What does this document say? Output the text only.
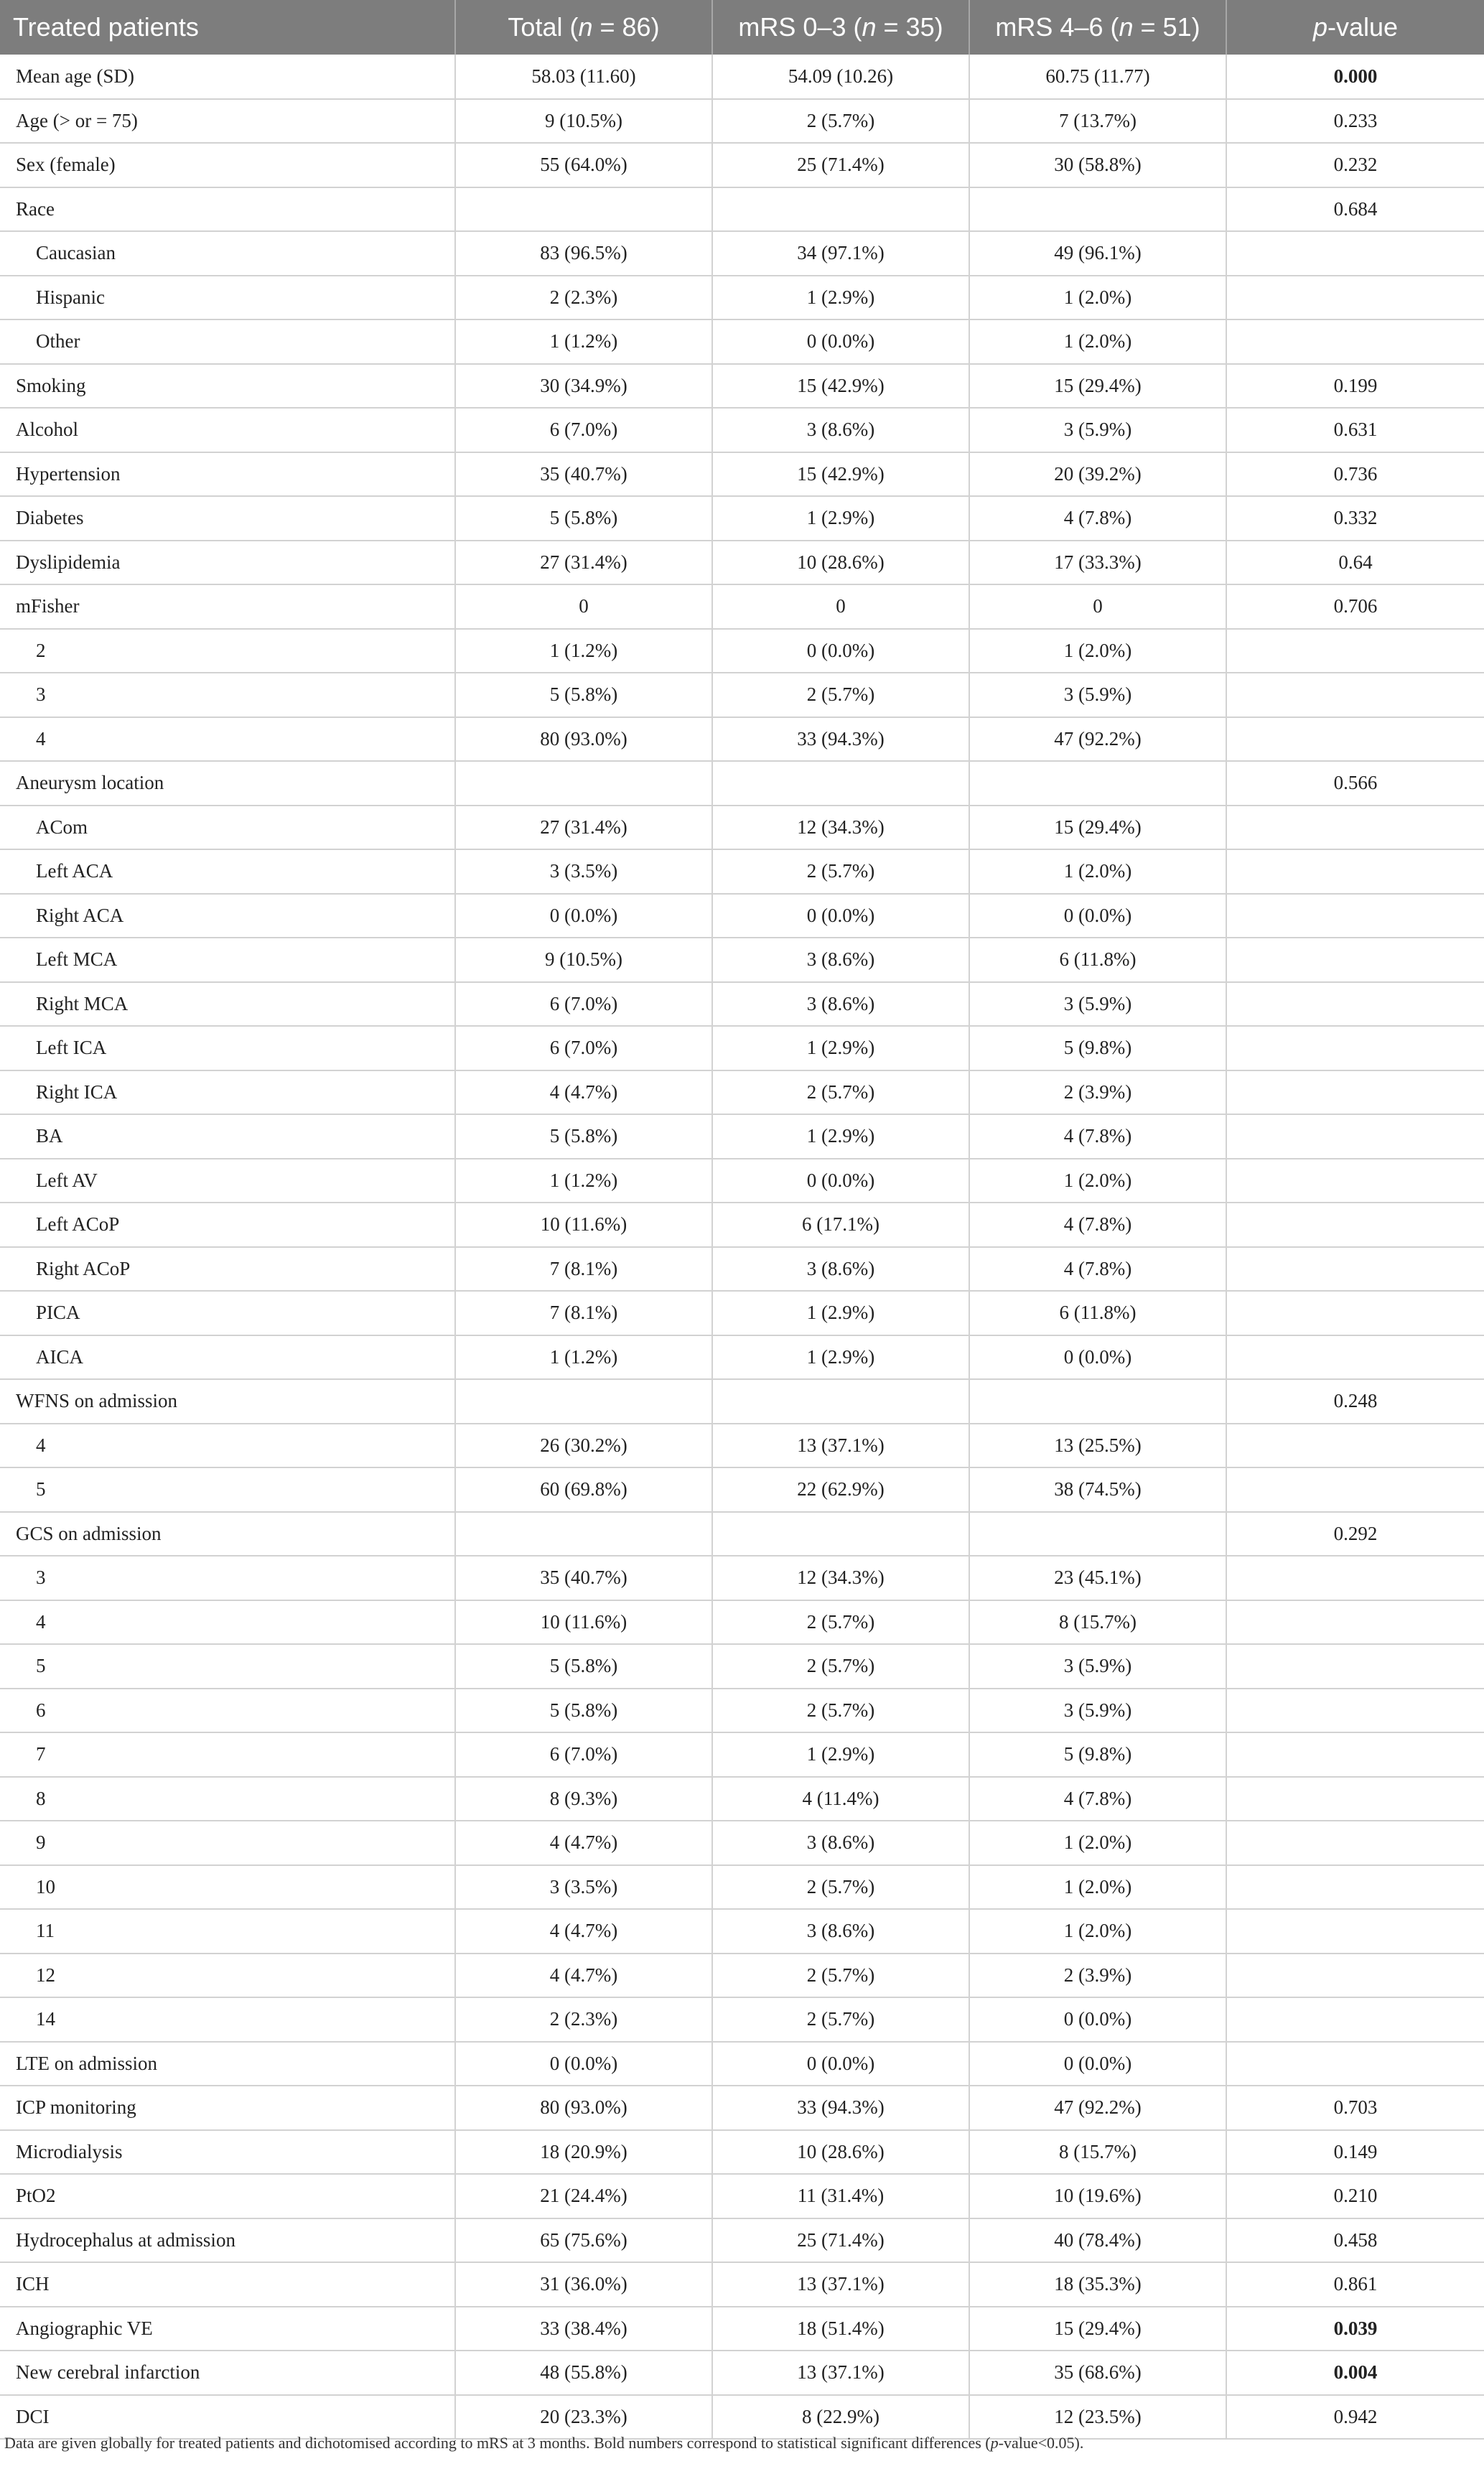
Treated patients	Total (n = 86)	mRS 0–3 (n = 35)	mRS 4–6 (n = 51)	p-value
Mean age (SD)	58.03 (11.60)	54.09 (10.26)	60.75 (11.77)	0.000
Age (> or = 75)	9 (10.5%)	2 (5.7%)	7 (13.7%)	0.233
Sex (female)	55 (64.0%)	25 (71.4%)	30 (58.8%)	0.232
Race				0.684
Caucasian	83 (96.5%)	34 (97.1%)	49 (96.1%)	
Hispanic	2 (2.3%)	1 (2.9%)	1 (2.0%)	
Other	1 (1.2%)	0 (0.0%)	1 (2.0%)	
Smoking	30 (34.9%)	15 (42.9%)	15 (29.4%)	0.199
Alcohol	6 (7.0%)	3 (8.6%)	3 (5.9%)	0.631
Hypertension	35 (40.7%)	15 (42.9%)	20 (39.2%)	0.736
Diabetes	5 (5.8%)	1 (2.9%)	4 (7.8%)	0.332
Dyslipidemia	27 (31.4%)	10 (28.6%)	17 (33.3%)	0.64
mFisher	0	0	0	0.706
2	1 (1.2%)	0 (0.0%)	1 (2.0%)	
3	5 (5.8%)	2 (5.7%)	3 (5.9%)	
4	80 (93.0%)	33 (94.3%)	47 (92.2%)	
Aneurysm location				0.566
ACom	27 (31.4%)	12 (34.3%)	15 (29.4%)	
Left ACA	3 (3.5%)	2 (5.7%)	1 (2.0%)	
Right ACA	0 (0.0%)	0 (0.0%)	0 (0.0%)	
Left MCA	9 (10.5%)	3 (8.6%)	6 (11.8%)	
Right MCA	6 (7.0%)	3 (8.6%)	3 (5.9%)	
Left ICA	6 (7.0%)	1 (2.9%)	5 (9.8%)	
Right ICA	4 (4.7%)	2 (5.7%)	2 (3.9%)	
BA	5 (5.8%)	1 (2.9%)	4 (7.8%)	
Left AV	1 (1.2%)	0 (0.0%)	1 (2.0%)	
Left ACoP	10 (11.6%)	6 (17.1%)	4 (7.8%)	
Right ACoP	7 (8.1%)	3 (8.6%)	4 (7.8%)	
PICA	7 (8.1%)	1 (2.9%)	6 (11.8%)	
AICA	1 (1.2%)	1 (2.9%)	0 (0.0%)	
WFNS on admission				0.248
4	26 (30.2%)	13 (37.1%)	13 (25.5%)	
5	60 (69.8%)	22 (62.9%)	38 (74.5%)	
GCS on admission				0.292
3	35 (40.7%)	12 (34.3%)	23 (45.1%)	
4	10 (11.6%)	2 (5.7%)	8 (15.7%)	
5	5 (5.8%)	2 (5.7%)	3 (5.9%)	
6	5 (5.8%)	2 (5.7%)	3 (5.9%)	
7	6 (7.0%)	1 (2.9%)	5 (9.8%)	
8	8 (9.3%)	4 (11.4%)	4 (7.8%)	
9	4 (4.7%)	3 (8.6%)	1 (2.0%)	
10	3 (3.5%)	2 (5.7%)	1 (2.0%)	
11	4 (4.7%)	3 (8.6%)	1 (2.0%)	
12	4 (4.7%)	2 (5.7%)	2 (3.9%)	
14	2 (2.3%)	2 (5.7%)	0 (0.0%)	
LTE on admission	0 (0.0%)	0 (0.0%)	0 (0.0%)	
ICP monitoring	80 (93.0%)	33 (94.3%)	47 (92.2%)	0.703
Microdialysis	18 (20.9%)	10 (28.6%)	8 (15.7%)	0.149
PtO2	21 (24.4%)	11 (31.4%)	10 (19.6%)	0.210
Hydrocephalus at admission	65 (75.6%)	25 (71.4%)	40 (78.4%)	0.458
ICH	31 (36.0%)	13 (37.1%)	18 (35.3%)	0.861
Angiographic VE	33 (38.4%)	18 (51.4%)	15 (29.4%)	0.039
New cerebral infarction	48 (55.8%)	13 (37.1%)	35 (68.6%)	0.004
DCI	20 (23.3%)	8 (22.9%)	12 (23.5%)	0.942
Data are given globally for treated patients and dichotomised according to mRS at 3 months. Bold numbers correspond to statistical significant differences (p-value<0.05).
